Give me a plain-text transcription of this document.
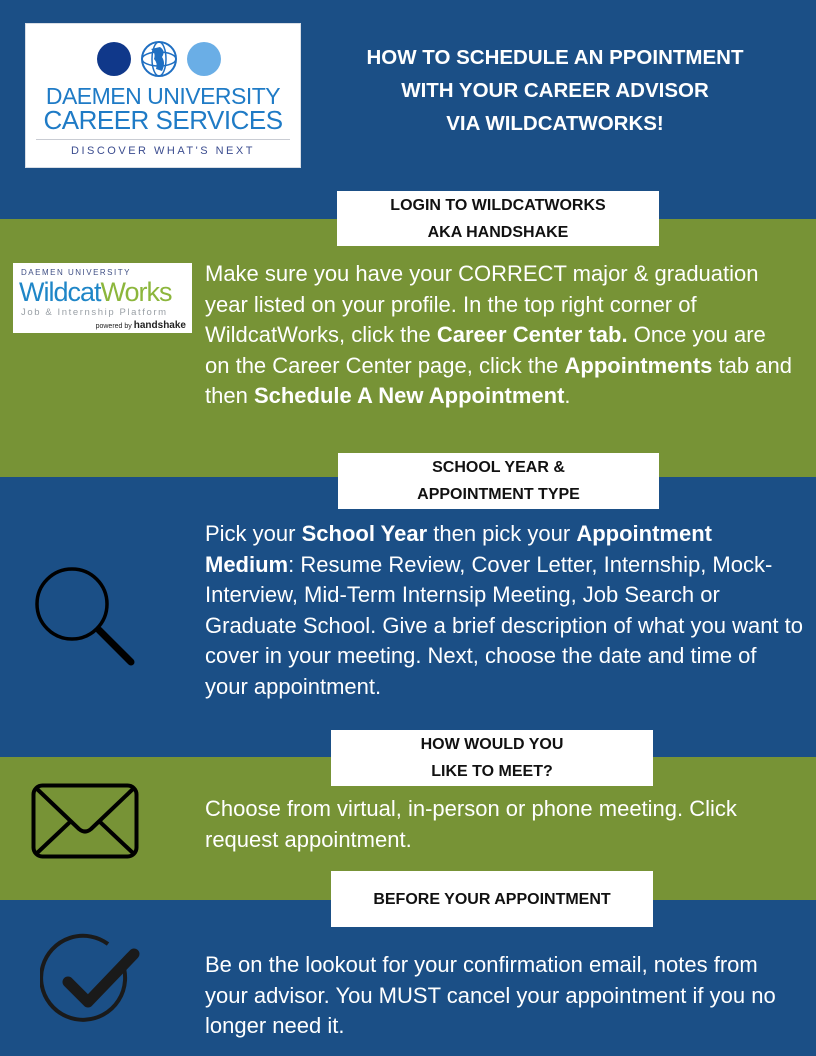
DAEMEN UNIVERSITY
CAREER SERVICES
DISCOVER WHAT'S NEXT
HOW TO SCHEDULE AN PPOINTMENT
WITH YOUR CAREER ADVISOR
VIA WILDCATWORKS!
LOGIN TO WILDCATWORKS
AKA HANDSHAKE
DAEMEN UNIVERSITY
WildcatWorks
Job & Internship Platform
powered by handshake
Make sure you have your CORRECT major & graduation year listed on your profile. In the top right corner of WildcatWorks, click the Career Center tab. Once you are on the Career Center page, click the Appointments tab and then Schedule A New Appointment.
SCHOOL YEAR &
APPOINTMENT TYPE
Pick your School Year then pick your Appointment Medium: Resume Review, Cover Letter, Internship, Mock-Interview, Mid-Term Internsip Meeting, Job Search or Graduate School. Give a brief description of what you want to cover in your meeting. Next, choose the date and time of your appointment.
HOW WOULD YOU
LIKE TO MEET?
Choose from virtual, in-person or phone meeting. Click request appointment.
BEFORE YOUR APPOINTMENT
Be on the lookout for your confirmation email, notes from your advisor. You MUST cancel your appointment if you no longer need it.
